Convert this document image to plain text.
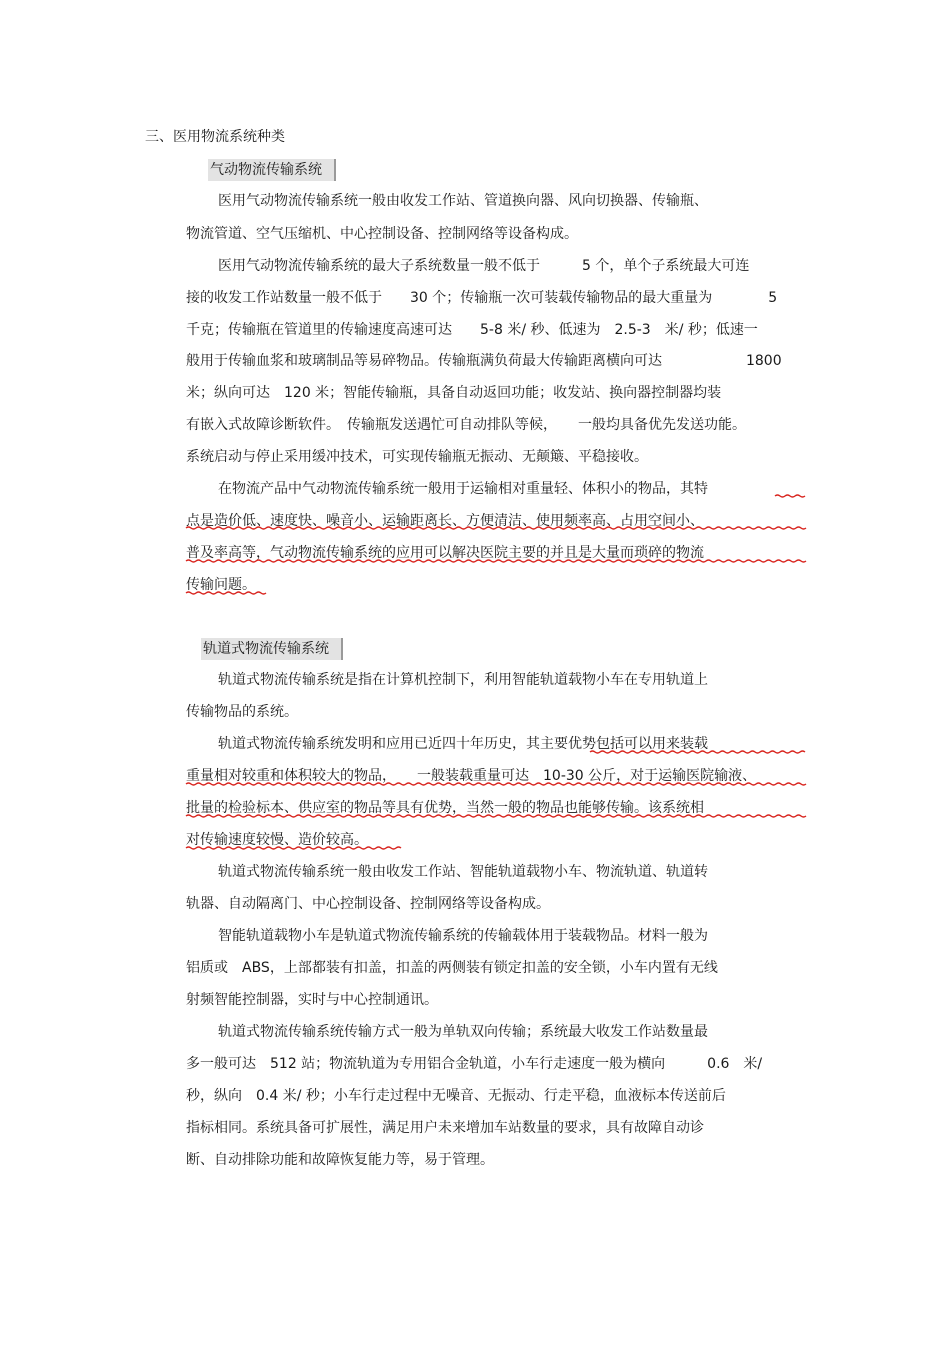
三、医用物流系统种类
气动物流传输系统
医用气动物流传输系统一般由收发工作站、管道换向器、风向切换器、传输瓶、
物流管道、空气压缩机、中心控制设备、控制网络等设备构成。
医用气动物流传输系统的最大子系统数量一般不低于　　　5 个，单个子系统最大可连
接的收发工作站数量一般不低于　　30 个；传输瓶一次可装载传输物品的最大重量为　　　　5
千克；传输瓶在管道里的传输速度高速可达　　5-8 米/ 秒、低速为　2.5-3　米/ 秒；低速一
般用于传输血浆和玻璃制品等易碎物品。传输瓶满负荷最大传输距离横向可达　　　　　　1800
米；纵向可达　120 米；智能传输瓶，具备自动返回功能；收发站、换向器控制器均装
有嵌入式故障诊断软件。　传输瓶发送遇忙可自动排队等候，　　一般均具备优先发送功能。
系统启动与停止采用缓冲技术，可实现传输瓶无振动、无颠簸、平稳接收。
在物流产品中气动物流传输系统一般用于运输相对重量轻、体积小的物品，其特
点是造价低、速度快、噪音小、运输距离长、方便清洁、使用频率高、占用空间小、
普及率高等，气动物流传输系统的应用可以解决医院主要的并且是大量而琐碎的物流
传输问题。
轨道式物流传输系统
轨道式物流传输系统是指在计算机控制下，利用智能轨道载物小车在专用轨道上
传输物品的系统。
轨道式物流传输系统发明和应用已近四十年历史，其主要优势包括可以用来装载
重量相对较重和体积较大的物品，　　一般装载重量可达　10-30 公斤，对于运输医院输液、
批量的检验标本、供应室的物品等具有优势，当然一般的物品也能够传输。该系统相
对传输速度较慢、造价较高。
轨道式物流传输系统一般由收发工作站、智能轨道载物小车、物流轨道、轨道转
轨器、自动隔离门、中心控制设备、控制网络等设备构成。
智能轨道载物小车是轨道式物流传输系统的传输载体用于装载物品。材料一般为
铝质或　ABS，上部都装有扣盖，扣盖的两侧装有锁定扣盖的安全锁，小车内置有无线
射频智能控制器，实时与中心控制通讯。
轨道式物流传输系统传输方式一般为单轨双向传输；系统最大收发工作站数量最
多一般可达　512 站；物流轨道为专用铝合金轨道，小车行走速度一般为横向　　　0.6　米/
秒，纵向　0.4 米/ 秒；小车行走过程中无噪音、无振动、行走平稳，血液标本传送前后
指标相同。系统具备可扩展性，满足用户未来增加车站数量的要求，具有故障自动诊
断、自动排除功能和故障恢复能力等，易于管理。
